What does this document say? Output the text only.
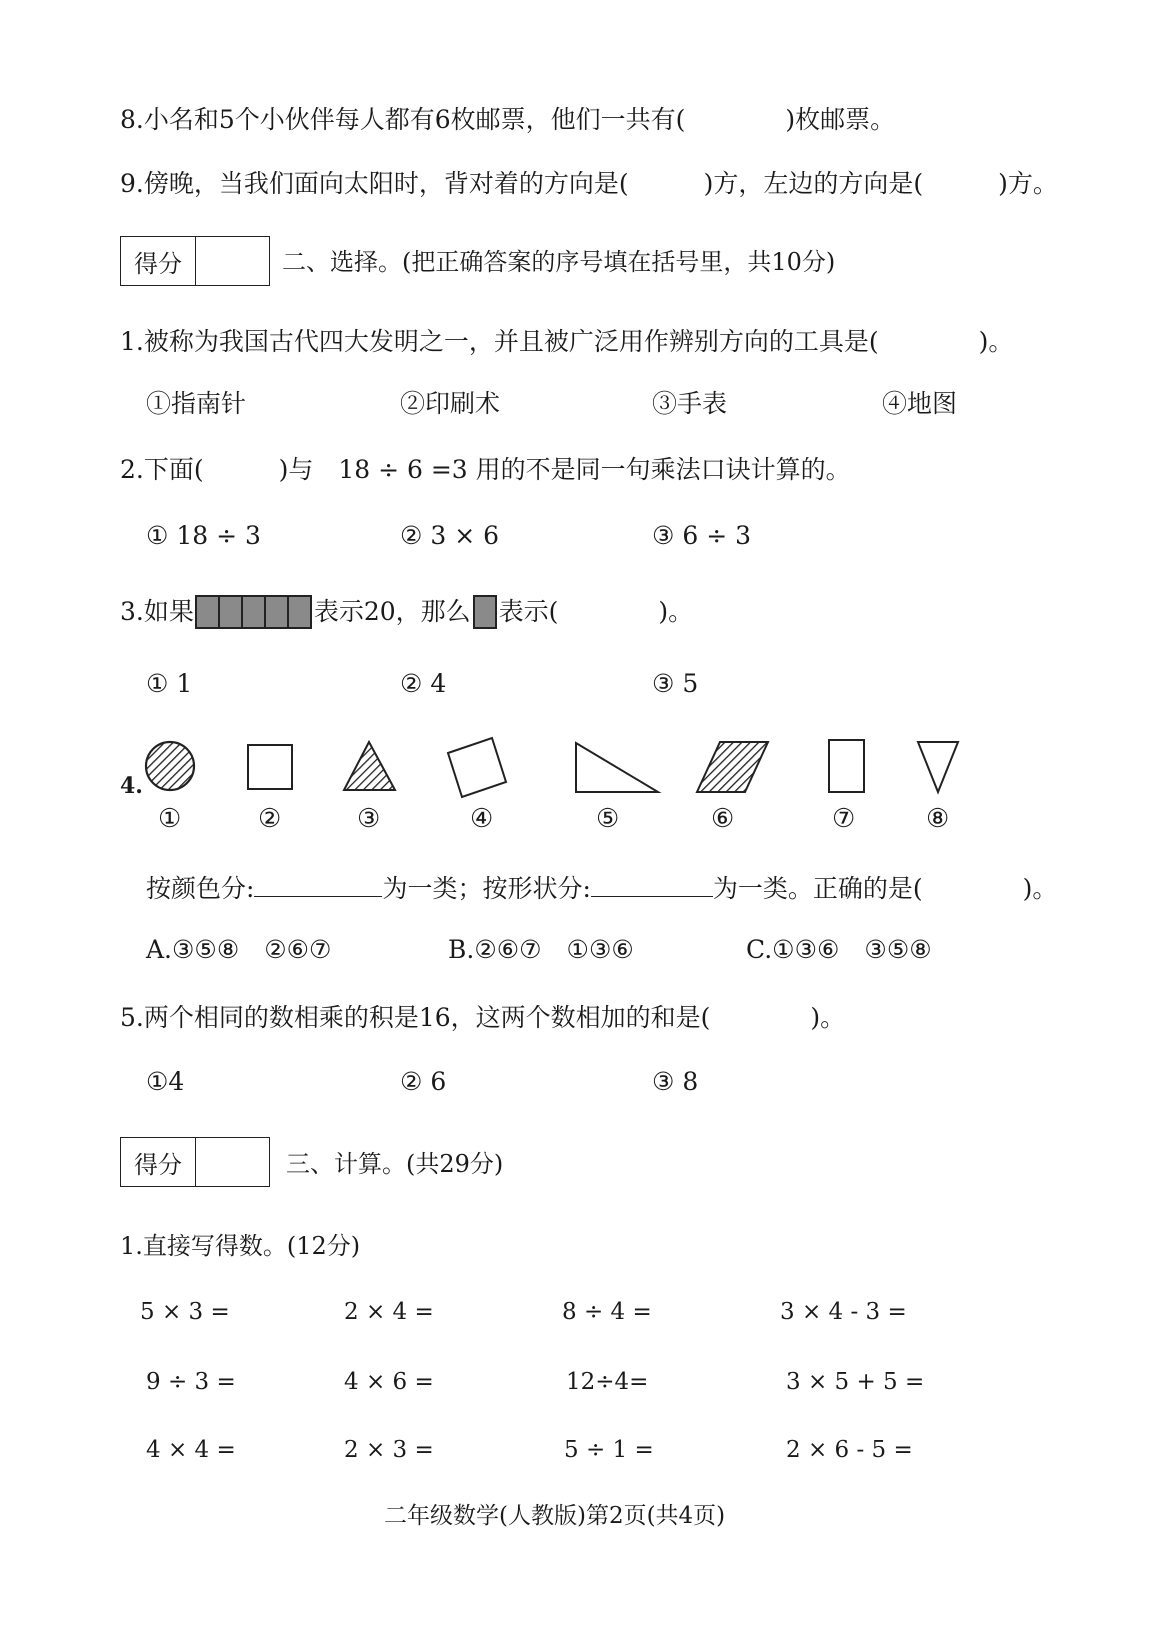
8.小名和5个小伙伴每人都有6枚邮票，他们一共有(　　　　)枚邮票。
9.傍晚，当我们面向太阳时，背对着的方向是(　　　)方，左边的方向是(　　　)方。
得分	二、选择。(把正确答案的序号填在括号里，共10分)
1.被称为我国古代四大发明之一，并且被广泛用作辨别方向的工具是(　　　　)。
①指南针	②印刷术	③手表	④地图
2.下面(　　　)与　18 ÷ 6 =3 用的不是同一句乘法口诀计算的。
① 18 ÷ 3	② 3 × 6	③ 6 ÷ 3
3.如果	表示20，那么 表示(　　　　)。
① 1	② 4	③ 5
4.
①	②	③	④	⑤	⑥	⑦	⑧
按颜色分:	为一类；按形状分:	为一类。正确的是(　　　　)。
A.③⑤⑧　②⑥⑦	B.②⑥⑦　①③⑥	C.①③⑥　③⑤⑧
5.两个相同的数相乘的积是16，这两个数相加的和是(　　　　)。
①4	② 6	③ 8
得分	三、计算。(共29分)
1.直接写得数。(12分)
5 × 3 =	2 × 4 =	8 ÷ 4 =	3 × 4 - 3 =
9 ÷ 3 =	4 × 6 =	12÷4=	3 × 5 + 5 =
4 × 4 =	2 × 3 =	5 ÷ 1 =	2 × 6 - 5 =
二年级数学(人教版)第2页(共4页)
